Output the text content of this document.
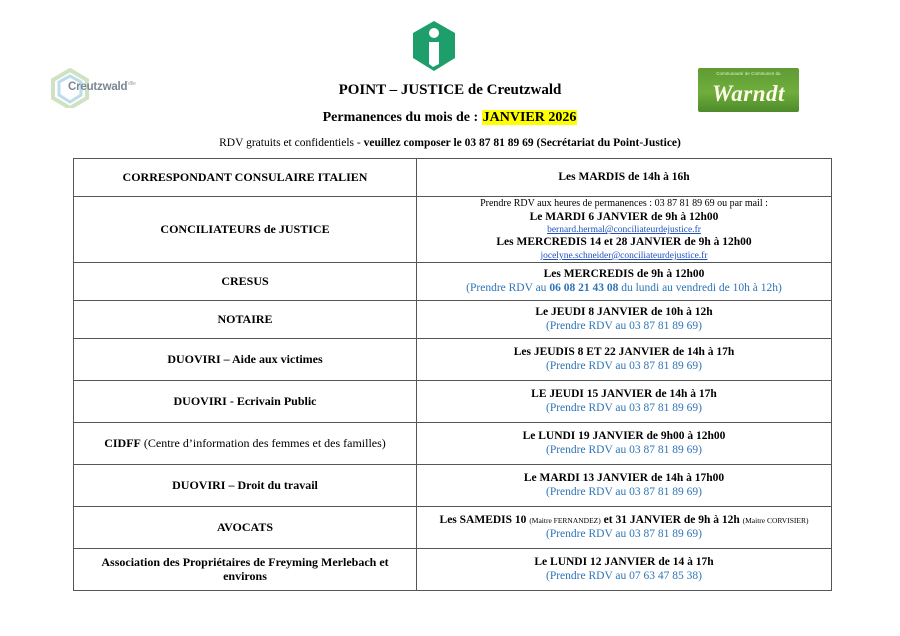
Creutzwald$^{Ville}$
Communauté de Communes du
Warndt
POINT – JUSTICE de Creutzwald
Permanences du mois de : JANVIER 2026
RDV gratuits et confidentiels - veuillez composer le 03 87 81 89 69 (Secrétariat du Point-Justice)
CORRESPONDANT CONSULAIRE ITALIEN	Les MARDIS de 14h à 16h
CONCILIATEURS de JUSTICE	Prendre RDV aux heures de permanences : 03 87 81 89 69 ou par mail :
Le MARDI 6 JANVIER de 9h à 12h00
bernard.hermal@conciliateurdejustice.fr
Les MERCREDIS 14 et 28 JANVIER de 9h à 12h00
jocelyne.schneider@conciliateurdejustice.fr

CRESUS	Les MERCREDIS de 9h à 12h00
(Prendre RDV au 06 08 21 43 08 du lundi au vendredi de 10h à 12h)

NOTAIRE	Le JEUDI 8 JANVIER de 10h à 12h
(Prendre RDV au 03 87 81 89 69)

DUOVIRI – Aide aux victimes	Les JEUDIS 8 ET 22 JANVIER de 14h à 17h
(Prendre RDV au 03 87 81 89 69)

DUOVIRI - Ecrivain Public	LE JEUDI 15 JANVIER de 14h à 17h
(Prendre RDV au 03 87 81 89 69)

CIDFF (Centre d’information des femmes et des familles)	Le LUNDI 19 JANVIER de 9h00 à 12h00
(Prendre RDV au 03 87 81 89 69)

DUOVIRI – Droit du travail	Le MARDI 13 JANVIER de 14h à 17h00
(Prendre RDV au 03 87 81 89 69)

AVOCATS	Les SAMEDIS 10 (Maitre FERNANDEZ) et 31 JANVIER de 9h à 12h (Maitre CORVISIER)
(Prendre RDV au 03 87 81 89 69)

Association des Propriétaires de Freyming Merlebach et environs	Le LUNDI 12 JANVIER de 14 à 17h
(Prendre RDV au 07 63 47 85 38)
